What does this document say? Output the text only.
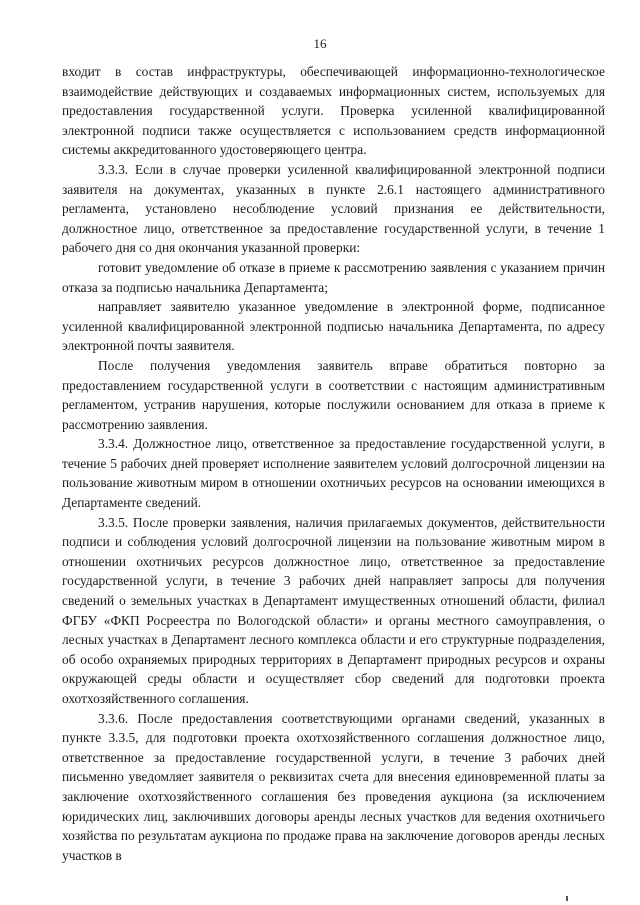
16

входит в состав инфраструктуры, обеспечивающей информационно-технологическое взаимодействие действующих и создаваемых информационных систем, используемых для предоставления государственной услуги. Проверка усиленной квалифицированной электронной подписи также осуществляется с использованием средств информационной системы аккредитованного удостоверяющего центра.

3.3.3. Если в случае проверки усиленной квалифицированной электронной подписи заявителя на документах, указанных в пункте 2.6.1 настоящего административного регламента, установлено несоблюдение условий признания ее действительности, должностное лицо, ответственное за предоставление государственной услуги, в течение 1 рабочего дня со дня окончания указанной проверки:

готовит уведомление об отказе в приеме к рассмотрению заявления с указанием причин отказа за подписью начальника Департамента;

направляет заявителю указанное уведомление в электронной форме, подписанное усиленной квалифицированной электронной подписью начальника Департамента, по адресу электронной почты заявителя.

После получения уведомления заявитель вправе обратиться повторно за предоставлением государственной услуги в соответствии с настоящим административным регламентом, устранив нарушения, которые послужили основанием для отказа в приеме к рассмотрению заявления.

3.3.4. Должностное лицо, ответственное за предоставление государственной услуги, в течение 5 рабочих дней проверяет исполнение заявителем условий долгосрочной лицензии на пользование животным миром в отношении охотничьих ресурсов на основании имеющихся в Департаменте сведений.

3.3.5. После проверки заявления, наличия прилагаемых документов, действительности подписи и соблюдения условий долгосрочной лицензии на пользование животным миром в отношении охотничьих ресурсов должностное лицо, ответственное за предоставление государственной услуги, в течение 3 рабочих дней направляет запросы для получения сведений о земельных участках в Департамент имущественных отношений области, филиал ФГБУ «ФКП Росреестра по Вологодской области» и органы местного самоуправления, о лесных участках в Департамент лесного комплекса области и его структурные подразделения, об особо охраняемых природных территориях в Департамент природных ресурсов и охраны окружающей среды области и осуществляет сбор сведений для подготовки проекта охотхозяйственного соглашения.

3.3.6. После предоставления соответствующими органами сведений, указанных в пункте 3.3.5, для подготовки проекта охотхозяйственного соглашения должностное лицо, ответственное за предоставление государственной услуги, в течение 3 рабочих дней письменно уведомляет заявителя о реквизитах счета для внесения единовременной платы за заключение охотхозяйственного соглашения без проведения аукциона (за исключением юридических лиц, заключивших договоры аренды лесных участков для ведения охотничьего хозяйства по результатам аукциона по продаже права на заключение договоров аренды лесных участков в
